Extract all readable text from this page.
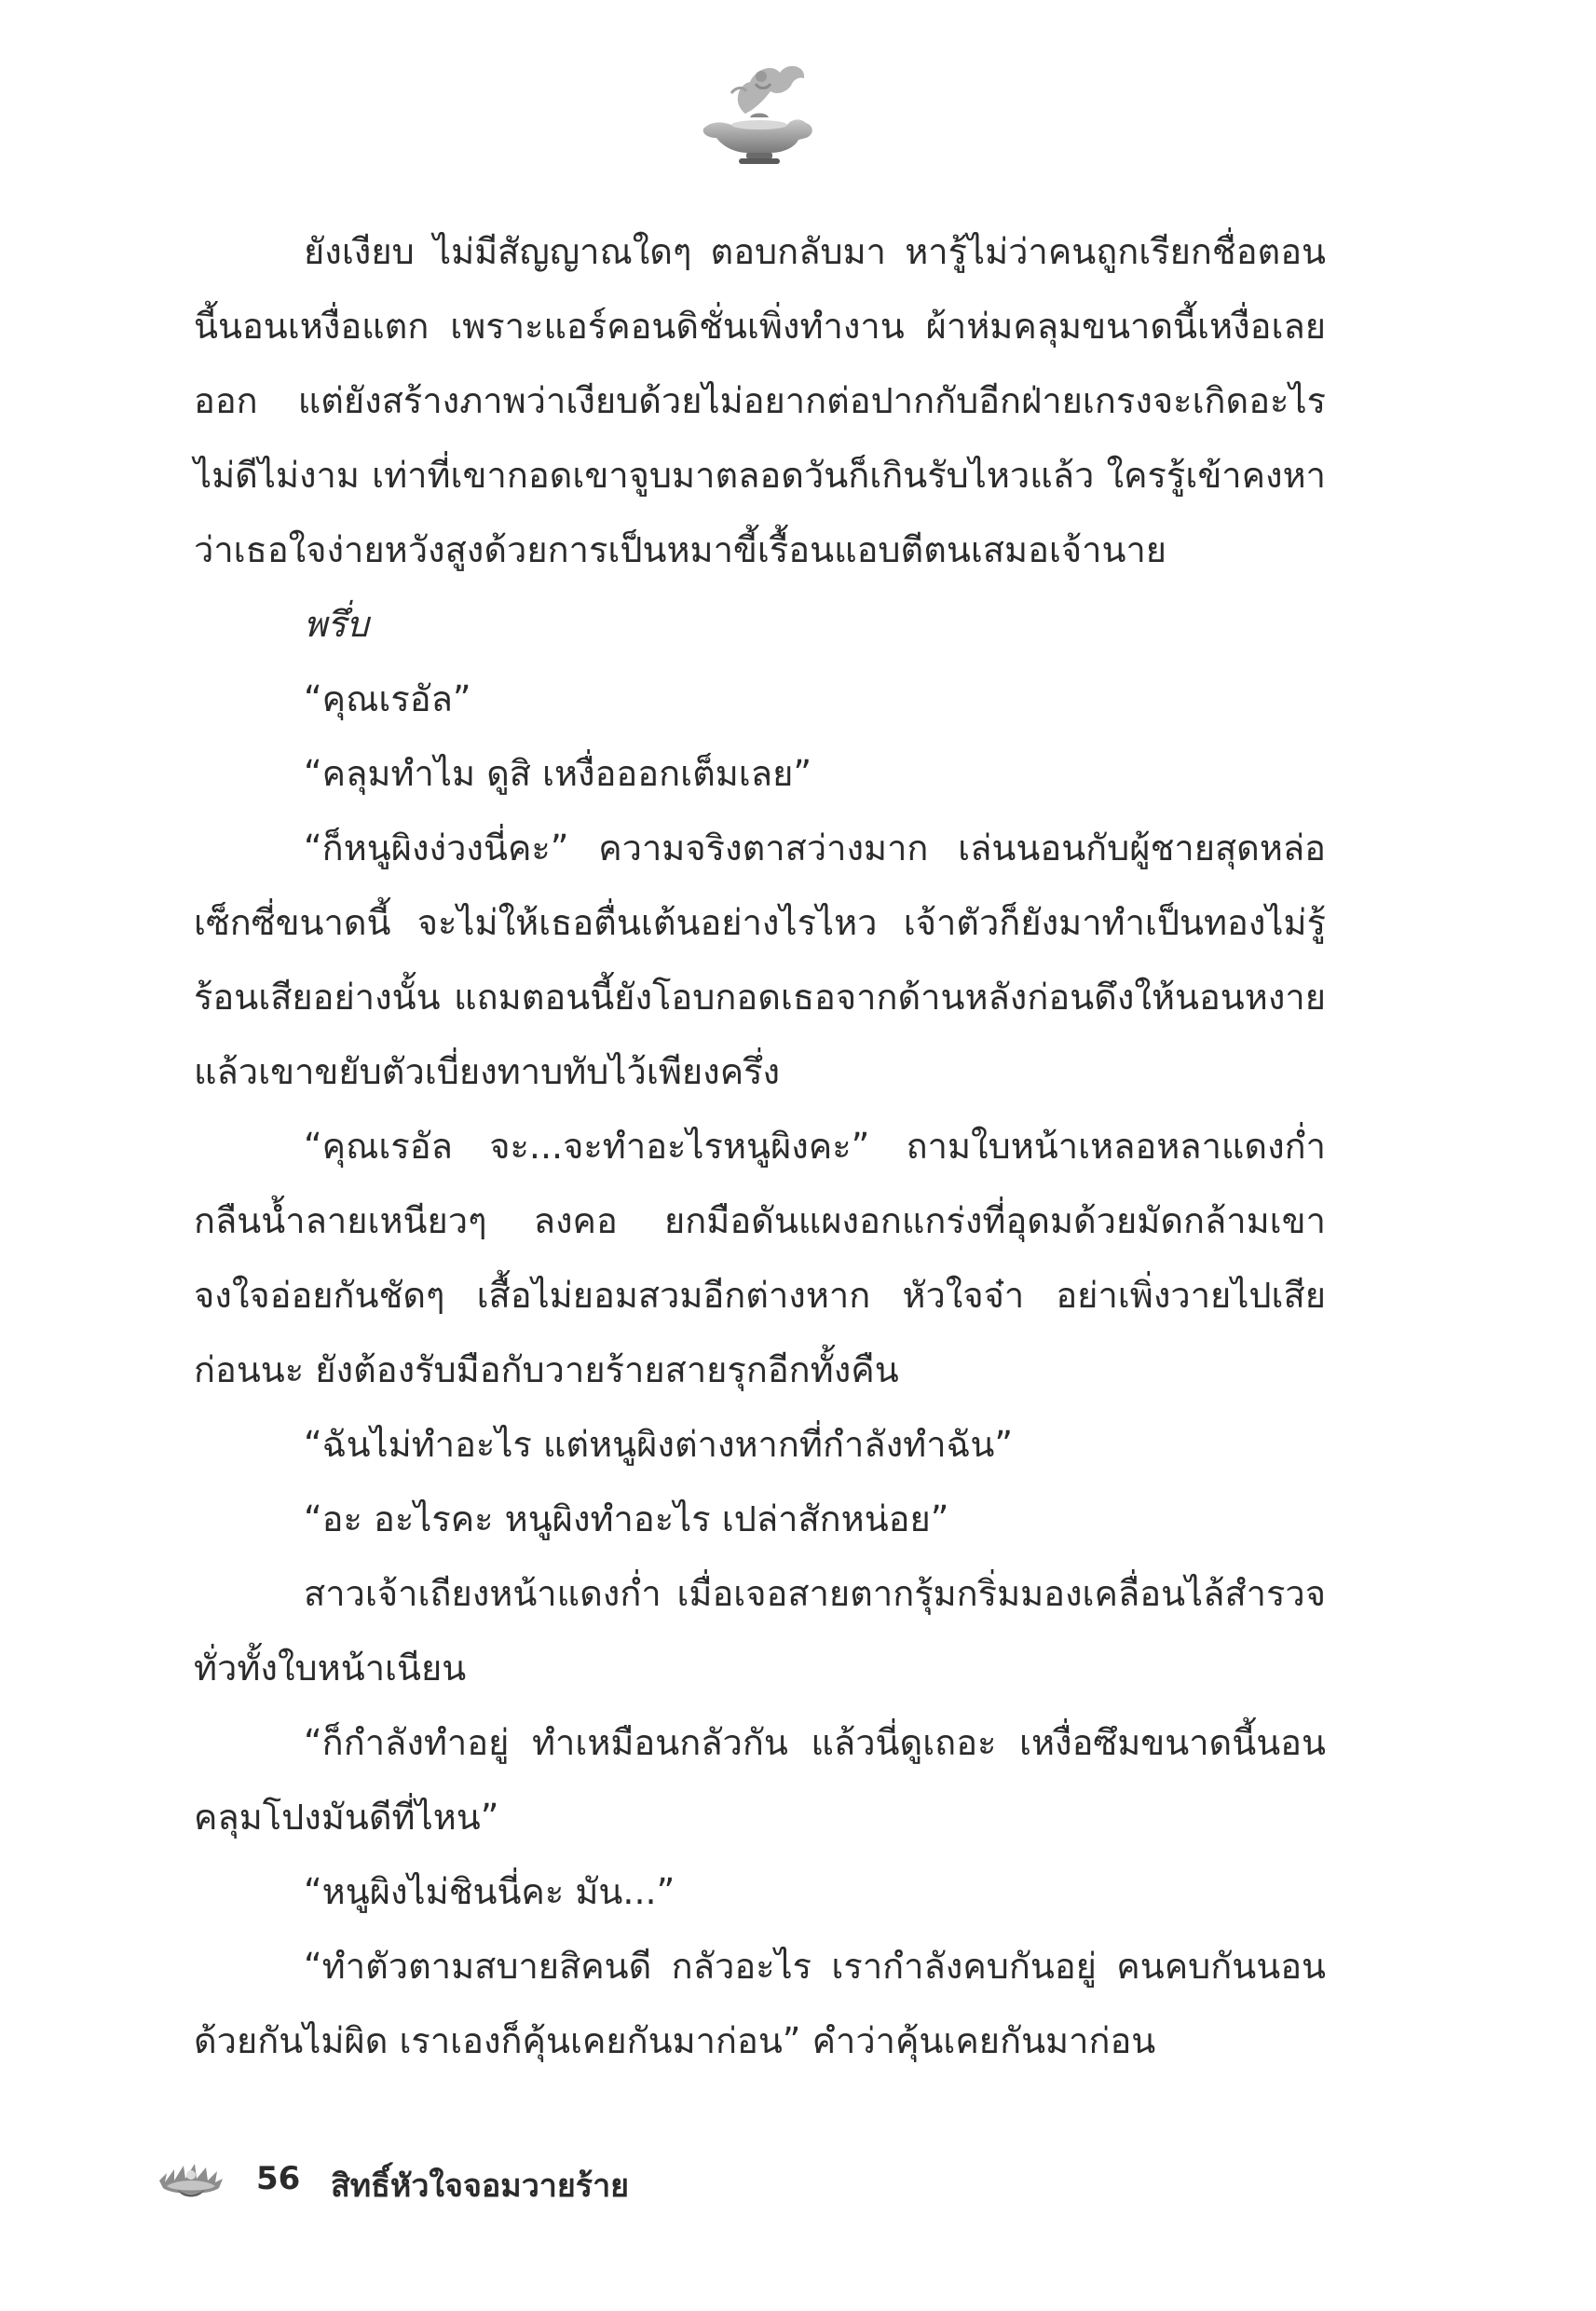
ยังเงียบ ไม่มีสัญญาณใดๆ ตอบกลับมา หารู้ไม่ว่าคนถูกเรียกชื่อตอนนี้นอนเหงื่อแตก เพราะแอร์คอนดิชั่นเพิ่งทำงาน ผ้าห่มคลุมขนาดนี้เหงื่อเลยออก แต่ยังสร้างภาพว่าเงียบด้วยไม่อยากต่อปากกับอีกฝ่ายเกรงจะเกิดอะไรไม่ดีไม่งาม เท่าที่เขากอดเขาจูบมาตลอดวันก็เกินรับไหวแล้ว ใครรู้เข้าคงหาว่าเธอใจง่ายหวังสูงด้วยการเป็นหมาขี้เรื้อนแอบตีตนเสมอเจ้านาย

พรึ่บ

“คุณเรอัล”

“คลุมทำไม ดูสิ เหงื่อออกเต็มเลย”

“ก็หนูผิงง่วงนี่คะ” ความจริงตาสว่างมาก เล่นนอนกับผู้ชายสุดหล่อเซ็กซี่ขนาดนี้ จะไม่ให้เธอตื่นเต้นอย่างไรไหว เจ้าตัวก็ยังมาทำเป็นทองไม่รู้ร้อนเสียอย่างนั้น แถมตอนนี้ยังโอบกอดเธอจากด้านหลังก่อนดึงให้นอนหงายแล้วเขาขยับตัวเบี่ยงทาบทับไว้เพียงครึ่ง

“คุณเรอัล จะ...จะทำอะไรหนูผิงคะ” ถามใบหน้าเหลอหลาแดงก่ำกลืนน้ำลายเหนียวๆ ลงคอ ยกมือดันแผงอกแกร่งที่อุดมด้วยมัดกล้ามเขาจงใจอ่อยกันชัดๆ เสื้อไม่ยอมสวมอีกต่างหาก หัวใจจ๋า อย่าเพิ่งวายไปเสียก่อนนะ ยังต้องรับมือกับวายร้ายสายรุกอีกทั้งคืน

“ฉันไม่ทำอะไร แต่หนูผิงต่างหากที่กำลังทำฉัน”

“อะ อะไรคะ หนูผิงทำอะไร เปล่าสักหน่อย”

สาวเจ้าเถียงหน้าแดงก่ำ เมื่อเจอสายตากรุ้มกริ่มมองเคลื่อนไล้สำรวจทั่วทั้งใบหน้าเนียน

“ก็กำลังทำอยู่ ทำเหมือนกลัวกัน แล้วนี่ดูเถอะ เหงื่อซึมขนาดนี้นอนคลุมโปงมันดีที่ไหน”

“หนูผิงไม่ชินนี่คะ มัน...”

“ทำตัวตามสบายสิคนดี กลัวอะไร เรากำลังคบกันอยู่ คนคบกันนอนด้วยกันไม่ผิด เราเองก็คุ้นเคยกันมาก่อน” คำว่าคุ้นเคยกันมาก่อน

56 สิทธิ์หัวใจจอมวายร้าย
